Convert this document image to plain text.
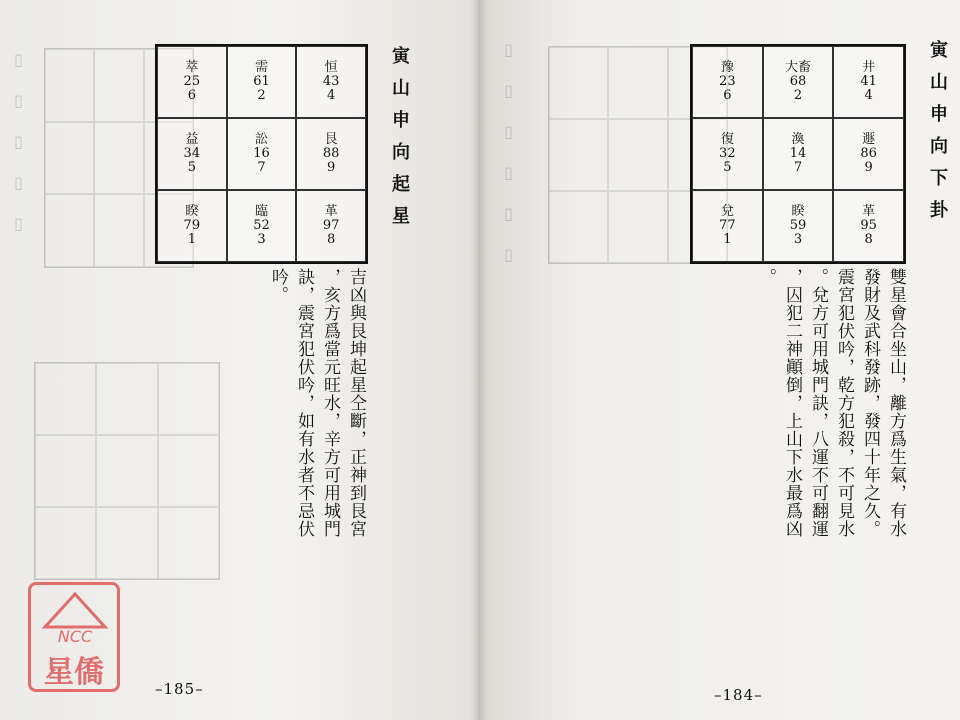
▯▯▯▯▯	萃
25
6
需
61
2
恒
43
4
益
34
5
訟
16
7
艮
88
9
睽
79
1
臨
52
3
革
97
8
寅山申向起星
吉凶與艮坤起星仝斷，正神到艮宮
，亥方爲當元旺水，辛方可用城門
訣，震宮犯伏吟，如有水者不忌伏
吟。
–185–
NCC
星僑
▯▯▯▯▯▯	豫
23
6
大畜
68
2
井
41
4
復
32
5
渙
14
7
遯
86
9
兌
77
1
睽
59
3
革
95
8
寅山申向下卦
雙星會合坐山，離方爲生氣，有水
發財及武科發跡，發四十年之久。
震宮犯伏吟，乾方犯殺，不可見水
。兌方可用城門訣，八運不可翻運
，囚犯二神顚倒，上山下水最爲凶
。
–184–
